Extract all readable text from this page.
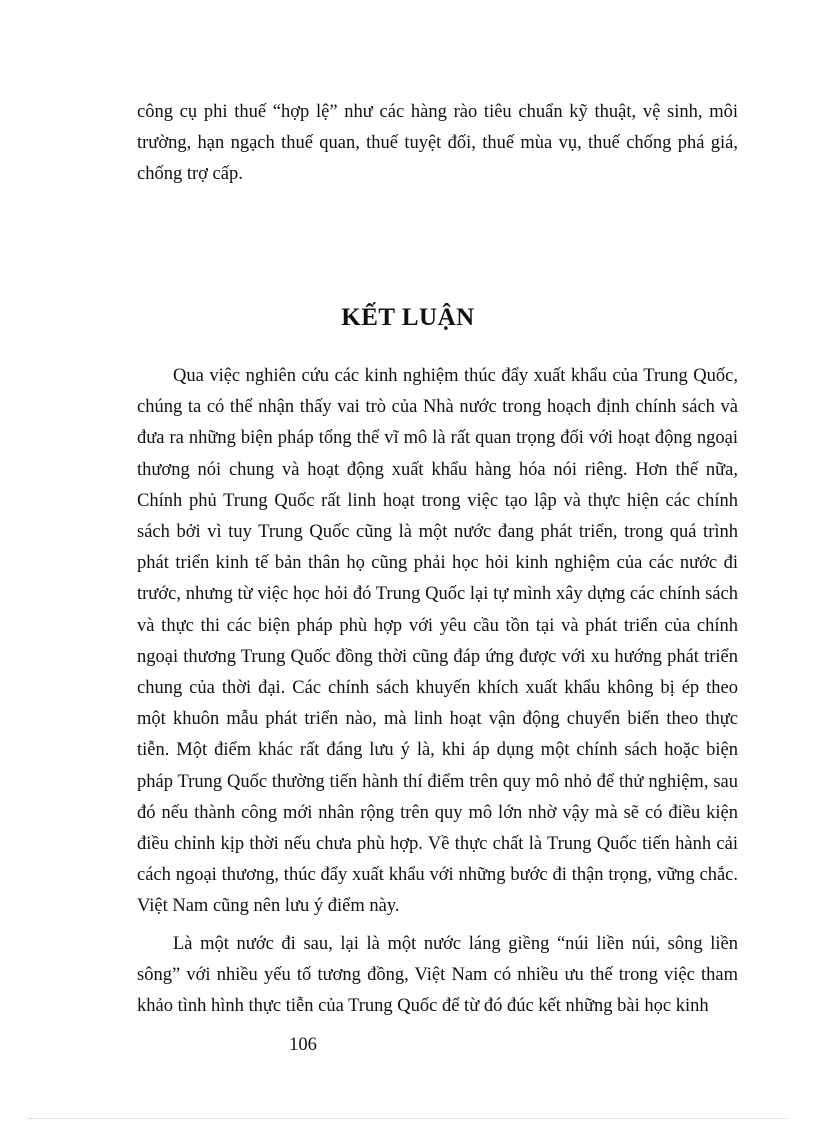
công cụ phi thuế “hợp lệ” như các hàng rào tiêu chuẩn kỹ thuật, vệ sinh, môi trường, hạn ngạch thuế quan, thuế tuyệt đối, thuế mùa vụ, thuế chống phá giá, chống trợ cấp.

KẾT LUẬN

Qua việc nghiên cứu các kinh nghiệm thúc đẩy xuất khẩu của Trung Quốc, chúng ta có thể nhận thấy vai trò của Nhà nước trong hoạch định chính sách và đưa ra những biện pháp tổng thể vĩ mô là rất quan trọng đối với hoạt động ngoại thương nói chung và hoạt động xuất khẩu hàng hóa nói riêng. Hơn thế nữa, Chính phủ Trung Quốc rất linh hoạt trong việc tạo lập và thực hiện các chính sách bởi vì tuy Trung Quốc cũng là một nước đang phát triển, trong quá trình phát triển kinh tế bản thân họ cũng phải học hỏi kinh nghiệm của các nước đi trước, nhưng từ việc học hỏi đó Trung Quốc lại tự mình xây dựng các chính sách và thực thi các biện pháp phù hợp với yêu cầu tồn tại và phát triển của chính ngoại thương Trung Quốc đồng thời cũng đáp ứng được với xu hướng phát triển chung của thời đại. Các chính sách khuyến khích xuất khẩu không bị ép theo một khuôn mẫu phát triển nào, mà linh hoạt vận động chuyển biến theo thực tiễn. Một điểm khác rất đáng lưu ý là, khi áp dụng một chính sách hoặc biện pháp Trung Quốc thường tiến hành thí điểm trên quy mô nhỏ để thử nghiệm, sau đó nếu thành công mới nhân rộng trên quy mô lớn nhờ vậy mà sẽ có điều kiện điều chỉnh kịp thời nếu chưa phù hợp. Về thực chất là Trung Quốc tiến hành cải cách ngoại thương, thúc đẩy xuất khẩu với những bước đi thận trọng, vững chắc. Việt Nam cũng nên lưu ý điểm này.

Là một nước đi sau, lại là một nước láng giềng “núi liền núi, sông liền sông” với nhiều yếu tố tương đồng, Việt Nam có nhiều ưu thế trong việc tham khảo tình hình thực tiễn của Trung Quốc để từ đó đúc kết những bài học kinh

106
